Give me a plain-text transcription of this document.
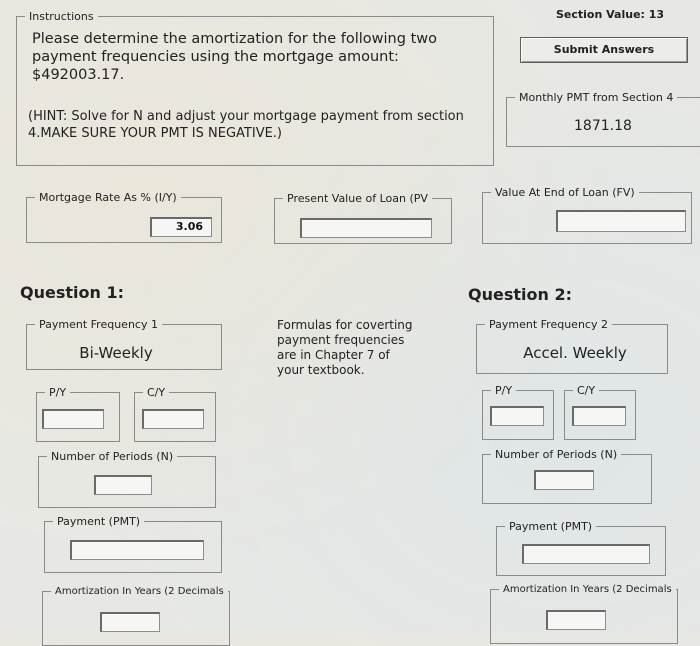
Instructions
Please determine the amortization for the following two payment frequencies using the mortgage amount: $492003.17.
(HINT: Solve for N and adjust your mortgage payment from section 4.MAKE SURE YOUR PMT IS NEGATIVE.)
Section Value: 13
Submit Answers
Monthly PMT from Section 4
1871.18
Mortgage Rate As % (I/Y)
3.06
Present Value of Loan (PV	Value At End of Loan (FV)
Question 1:	Question 2:
Payment Frequency 1
Bi-Weekly
Formulas for coverting payment frequencies are in Chapter 7 of your textbook.
Payment Frequency 2
Accel. Weekly
P/Y	C/Y	P/Y	C/Y
Number of Periods (N)	Number of Periods (N)
Payment (PMT)	Payment (PMT)
Amortization In Years (2 Decimals	Amortization In Years (2 Decimals
